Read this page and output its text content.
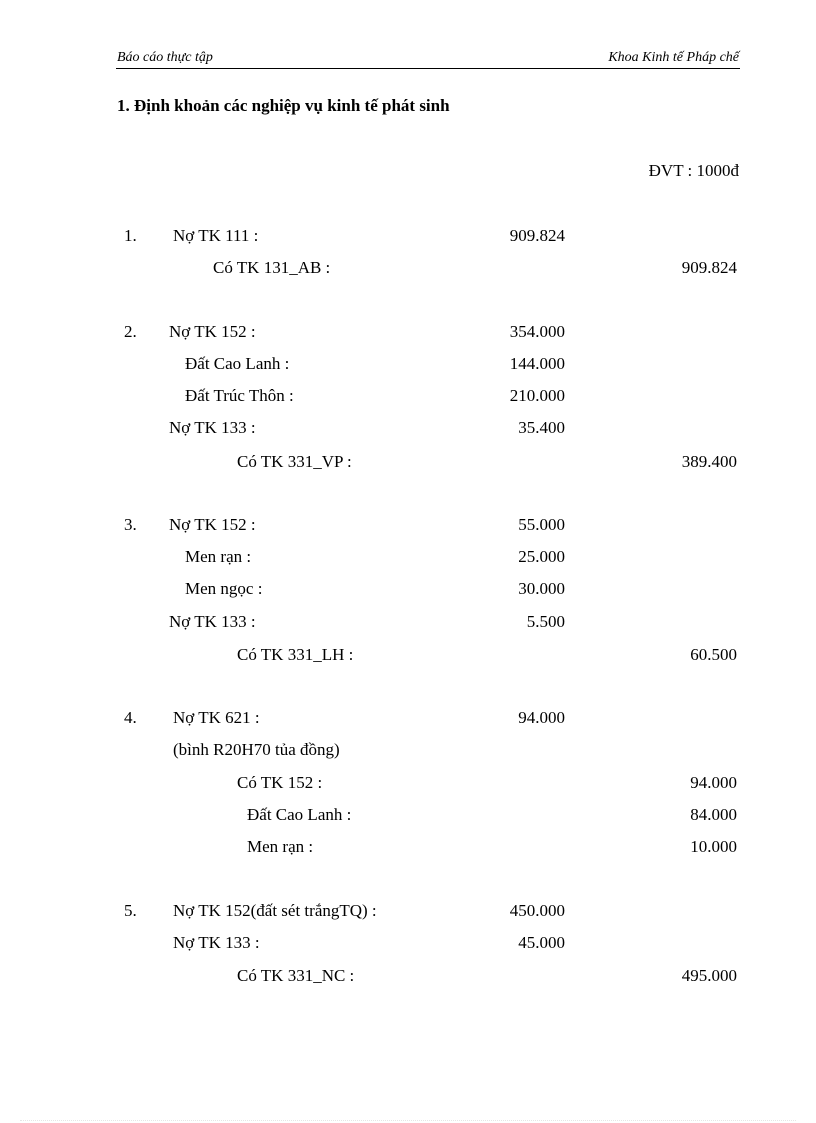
Báo cáo thực tập	Khoa Kinh tế Pháp chế
1. Định khoản các nghiệp vụ kinh tế phát sinh
ĐVT : 1000đ
1. Nợ TK 111 :	909.824
Có TK 131_AB :	909.824
2. Nợ TK 152 :	354.000
Đất Cao Lanh :	144.000
Đất Trúc Thôn :	210.000
Nợ TK 133 :	35.400
Có TK 331_VP :	389.400
3. Nợ TK 152 :	55.000
Men rạn :	25.000
Men ngọc :	30.000
Nợ TK 133 :	5.500
Có TK 331_LH :	60.500
4. Nợ TK 621 :	94.000
(bình R20H70 tủa đồng)
Có TK 152 :	94.000
Đất Cao Lanh :	84.000
Men rạn :	10.000
5. Nợ TK 152(đất sét trắngTQ) :	450.000
Nợ TK 133 :	45.000
Có TK 331_NC :	495.000
